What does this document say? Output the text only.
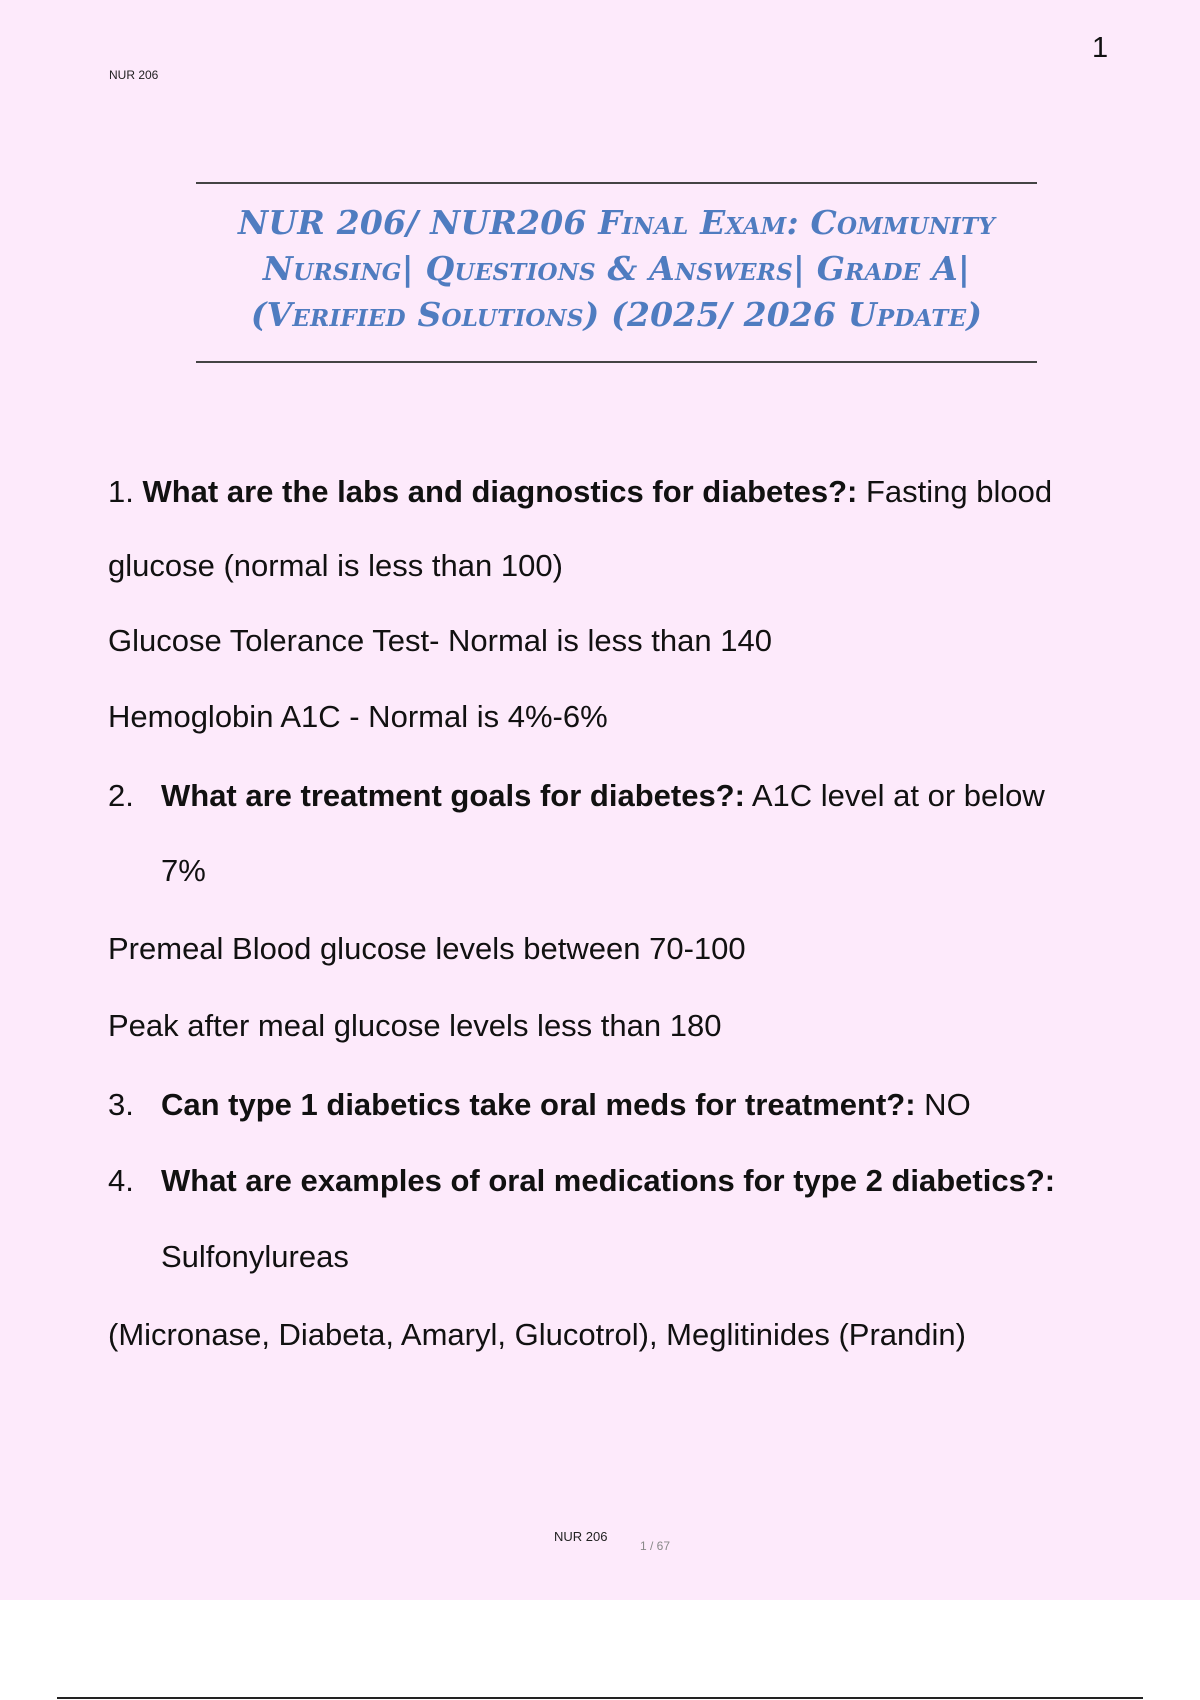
NUR 206
1
NUR 206/ NUR206 Final Exam: Community
Nursing| Questions & Answers| Grade A|
(Verified Solutions) (2025/ 2026 Update)
1. What are the labs and diagnostics for diabetes?: Fasting blood
glucose (normal is less than 100)
Glucose Tolerance Test- Normal is less than 140
Hemoglobin A1C - Normal is 4%-6%
2. What are treatment goals for diabetes?: A1C level at or below
7%
Premeal Blood glucose levels between 70-100
Peak after meal glucose levels less than 180
3. Can type 1 diabetics take oral meds for treatment?: NO
4. What are examples of oral medications for type 2 diabetics?:
Sulfonylureas
(Micronase, Diabeta, Amaryl, Glucotrol), Meglitinides (Prandin)
NUR 206
1 / 67
